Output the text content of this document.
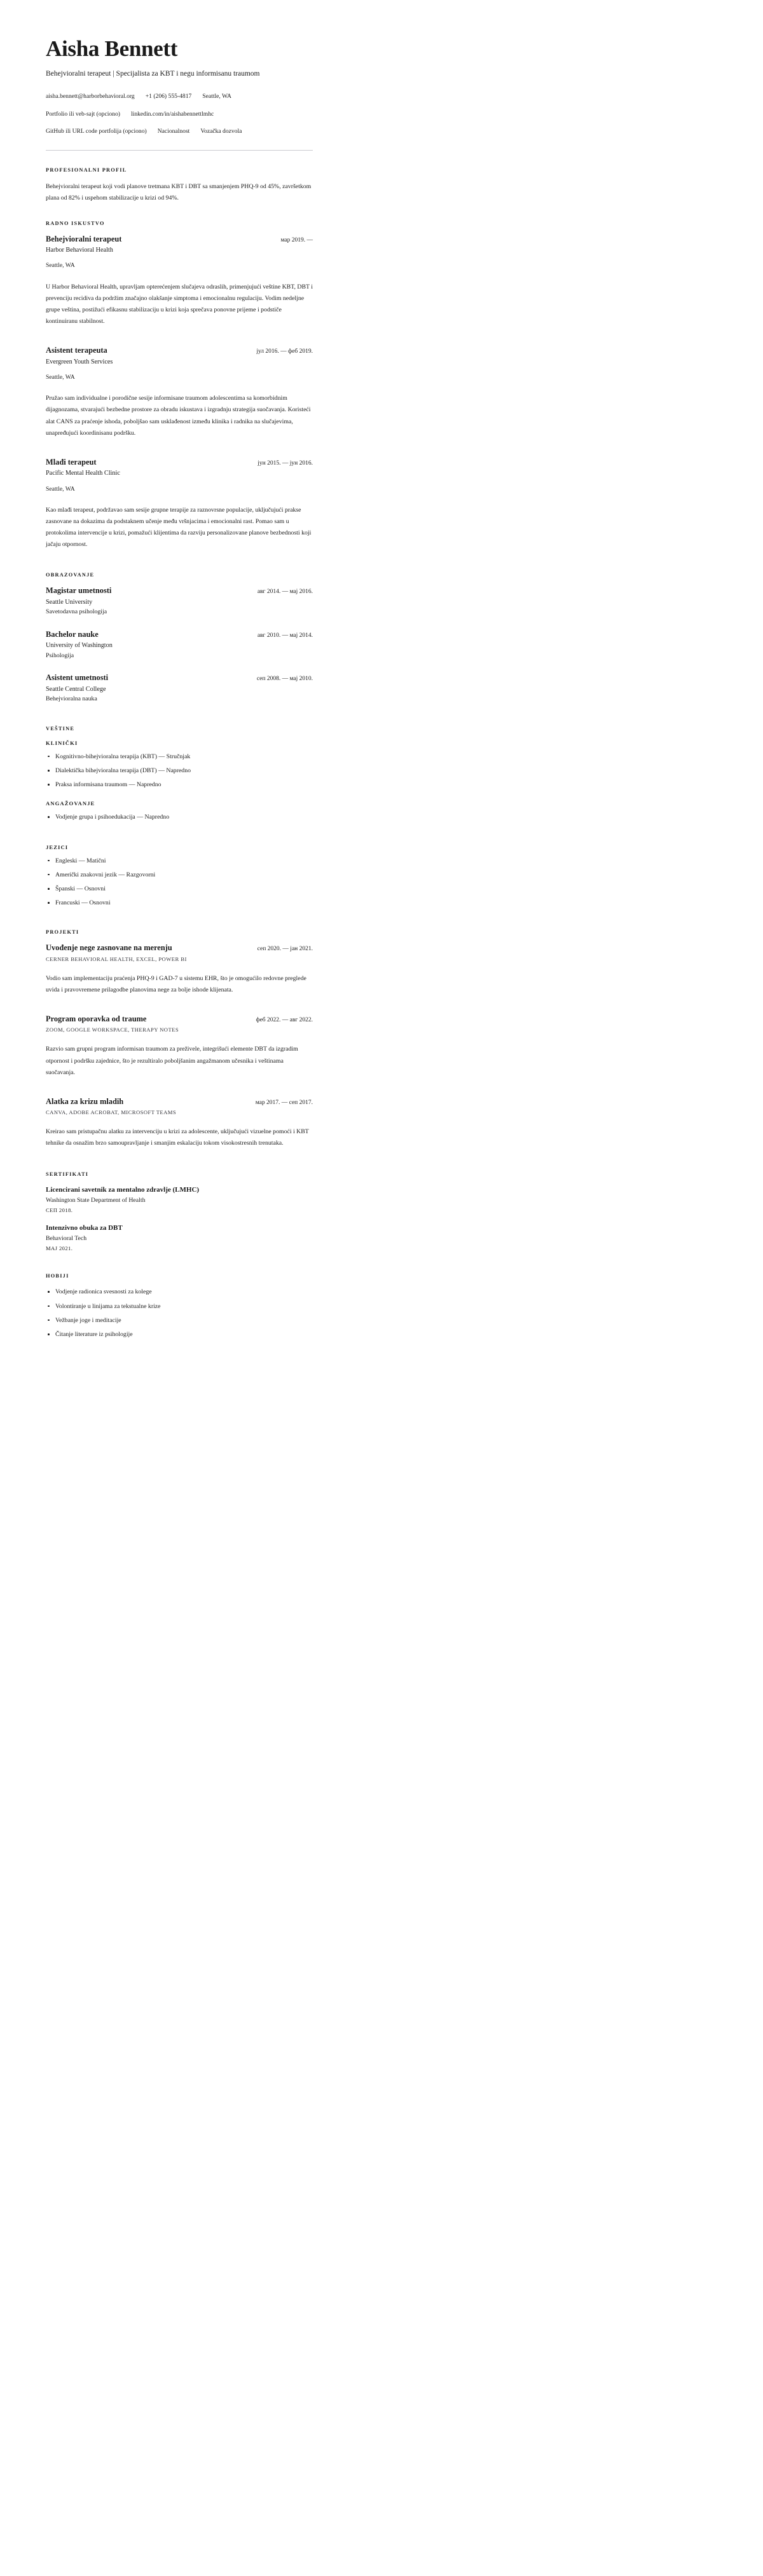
Aisha Bennett
Behejvioralni terapeut | Specijalista za KBT i negu informisanu traumom
aisha.bennett@harborbehavioral.org +1 (206) 555-4817 Seattle, WA
Portfolio ili veb-sajt (opciono) linkedin.com/in/aishabennettlmhc
GitHub ili URL code portfolija (opciono) Nacionalnost Vozačka dozvola
PROFESIONALNI PROFIL
Behejvioralni terapeut koji vodi planove tretmana KBT i DBT sa smanjenjem PHQ-9 od 45%, završetkom plana od 82% i uspehom stabilizacije u krizi od 94%.
RADNO ISKUSTVO
Behejvioralni terapeut	мар 2019. —
Harbor Behavioral Health
Seattle, WA
U Harbor Behavioral Health, upravljam opterećenjem slučajeva odraslih, primenjujući veštine KBT, DBT i prevenciju recidiva da podržim značajno olakšanje simptoma i emocionalnu regulaciju. Vodim nedeljne grupe veština, postižući efikasnu stabilizaciju u krizi koja sprečava ponovne prijeme i podstiče kontinuiranu stabilnost.
Asistent terapeuta	јул 2016. — феб 2019.
Evergreen Youth Services
Seattle, WA
Pružao sam individualne i porodične sesije informisane traumom adolescentima sa komorbidnim dijagnozama, stvarajući bezbedne prostore za obradu iskustava i izgradnju strategija suočavanja. Koristeći alat CANS za praćenje ishoda, poboljšao sam usklađenost između klinika i radnika na slučajevima, unapređujući koordinisanu podršku.
Mlađi terapeut	јун 2015. — јун 2016.
Pacific Mental Health Clinic
Seattle, WA
Kao mlađi terapeut, podržavao sam sesije grupne terapije za raznovrsne populacije, uključujući prakse zasnovane na dokazima da podstaknem učenje među vršnjacima i emocionalni rast. Pomao sam u protokolima intervencije u krizi, pomažući klijentima da razviju personalizovane planove bezbednosti koji jačaju otpornost.
OBRAZOVANJE
Magistar umetnosti	авг 2014. — мај 2016.
Seattle University
Savetodavna psihologija
Bachelor nauke	авг 2010. — мај 2014.
University of Washington
Psihologija
Asistent umetnosti	сеп 2008. — мај 2010.
Seattle Central College
Behejvioralna nauka
VEŠTINE
KLINIČKI
Kognitivno-bihejvioralna terapija (KBT) — Stručnjak
Dialektička bihejvioralna terapija (DBT) — Napredno
Praksa informisana traumom — Napredno
ANGAŽOVANJE
Vodjenje grupa i psihoedukacija — Napredno
JEZICI
Engleski — Matični
Američki znakovni jezik — Razgovorni
Španski — Osnovni
Francuski — Osnovni
PROJEKTI
Uvođenje nege zasnovane na merenju	сеп 2020. — јан 2021.
CERNER BEHAVIORAL HEALTH, EXCEL, POWER BI
Vodio sam implementaciju praćenja PHQ-9 i GAD-7 u sistemu EHR, što je omogućilo redovne preglede uvida i pravovremene prilagodbe planovima nege za bolje ishode klijenata.
Program oporavka od traume	феб 2022. — авг 2022.
ZOOM, GOOGLE WORKSPACE, THERAPY NOTES
Razvio sam grupni program informisan traumom za preživele, integrišući elemente DBT da izgradim otpornost i podršku zajednice, što je rezultiralo poboljšanim angažmanom učesnika i veštinama suočavanja.
Alatka za krizu mladih	мар 2017. — сеп 2017.
CANVA, ADOBE ACROBAT, MICROSOFT TEAMS
Kreirao sam pristupačnu alatku za intervenciju u krizi za adolescente, uključujući vizuelne pomoći i KBT tehnike da osnažim brzo samoupravljanje i smanjim eskalaciju tokom visokostresnih trenutaka.
SERTIFIKATI
Licencirani savetnik za mentalno zdravlje (LMHC)
Washington State Department of Health
СЕП 2018.
Intenzivno obuka za DBT
Behavioral Tech
МАЈ 2021.
HOBIJI
Vodjenje radionica svesnosti za kolege
Volontiranje u linijama za tekstualne krize
Vežbanje joge i meditacije
Čitanje literature iz psihologije
